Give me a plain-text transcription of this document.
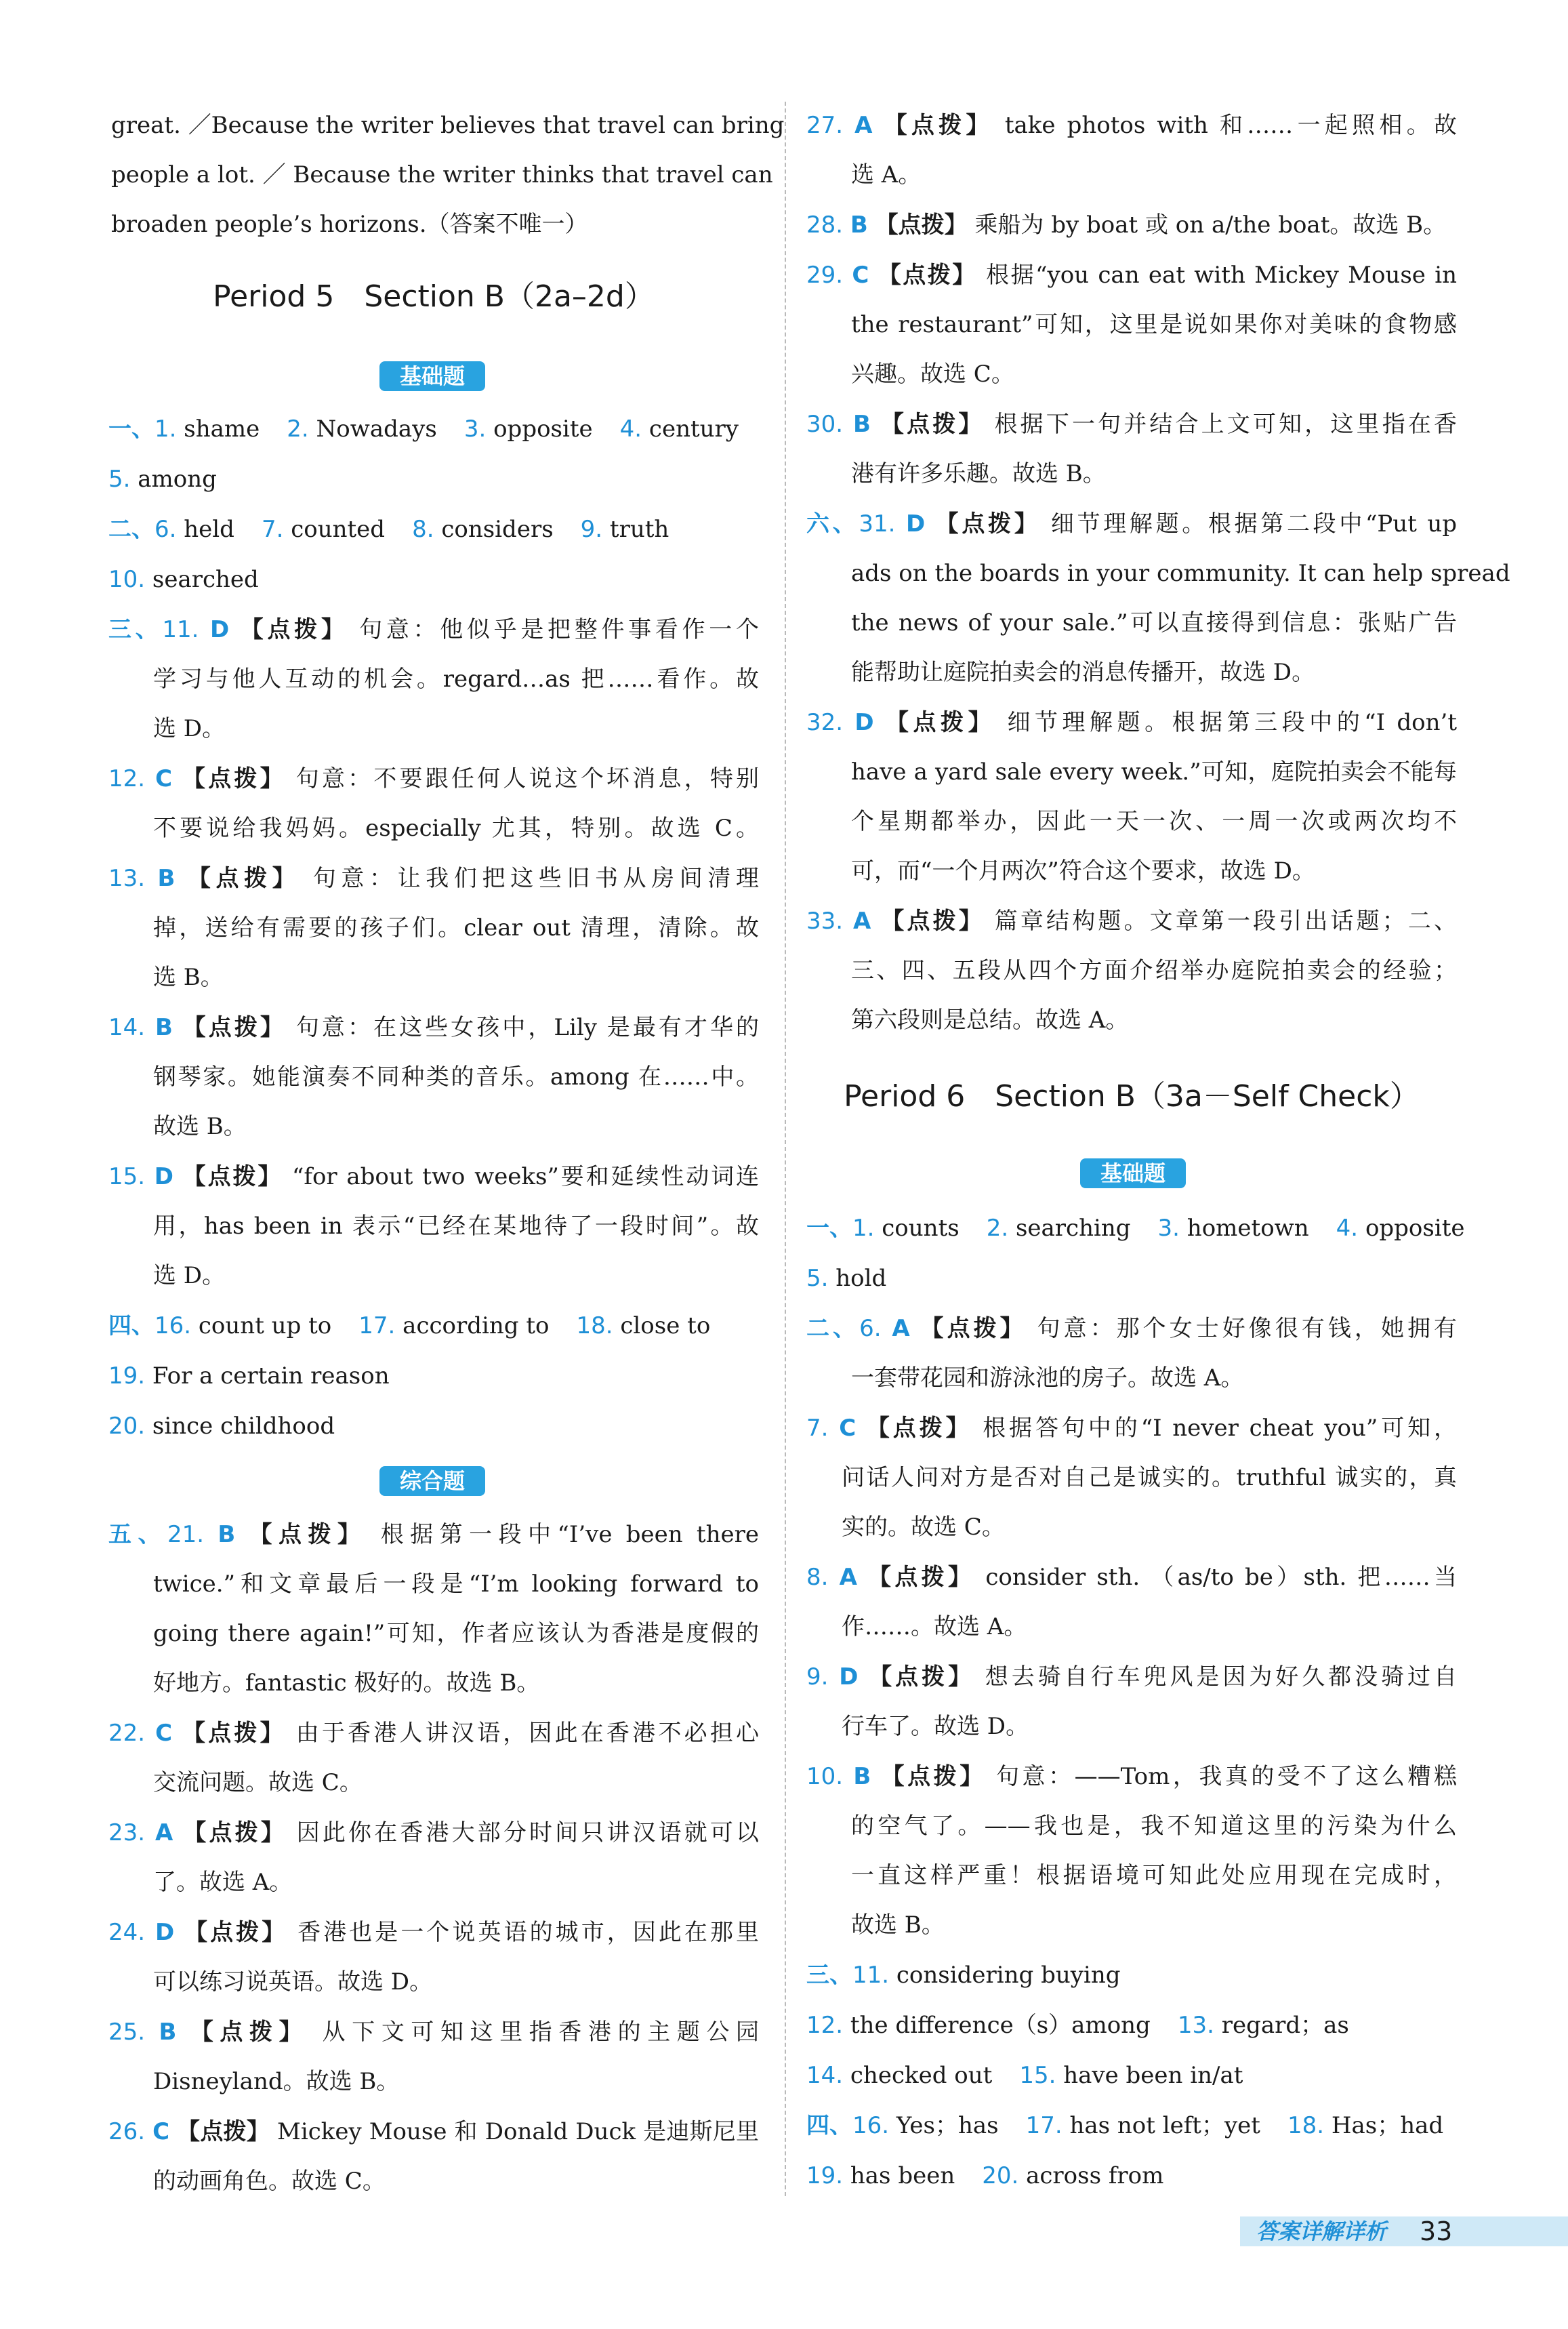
great. ／Because the writer believes that travel can bring
people a lot. ／ Because the writer thinks that travel can
broaden people’s horizons.（答案不唯一）
Period 5　Section B（2a–2d）
基础题
一、1. shame 2. Nowadays 3. opposite 4. century
5. among
二、6. held 7. counted 8. considers 9. truth
10. searched
三、11. D 【点拨】 句意：他似乎是把整件事看作一个
学习与他人互动的机会。regard…as 把……看作。故
选 D。
12. C 【点拨】 句意：不要跟任何人说这个坏消息，特别
不要说给我妈妈。especially 尤其，特别。故选 C。
13. B 【点拨】 句意：让我们把这些旧书从房间清理
掉，送给有需要的孩子们。clear out 清理，清除。故
选 B。
14. B 【点拨】 句意：在这些女孩中，Lily 是最有才华的
钢琴家。她能演奏不同种类的音乐。among 在……中。
故选 B。
15. D 【点拨】 “for about two weeks”要和延续性动词连
用，has been in 表示“已经在某地待了一段时间”。故
选 D。
四、16. count up to 17. according to 18. close to
19. For a certain reason
20. since childhood
综合题
五、21. B 【点拨】 根据第一段中“I’ve been there
twice.”和文章最后一段是“I’m looking forward to
going there again!”可知，作者应该认为香港是度假的
好地方。fantastic 极好的。故选 B。
22. C 【点拨】 由于香港人讲汉语，因此在香港不必担心
交流问题。故选 C。
23. A 【点拨】 因此你在香港大部分时间只讲汉语就可以
了。故选 A。
24. D 【点拨】 香港也是一个说英语的城市，因此在那里
可以练习说英语。故选 D。
25. B 【点拨】 从下文可知这里指香港的主题公园
Disneyland。故选 B。
26. C 【点拨】 Mickey Mouse 和 Donald Duck 是迪斯尼里
的动画角色。故选 C。
27. A 【点拨】 take photos with 和……一起照相。故
选 A。
28. B 【点拨】 乘船为 by boat 或 on a/the boat。故选 B。
29. C 【点拨】 根据“you can eat with Mickey Mouse in
the restaurant”可知，这里是说如果你对美味的食物感
兴趣。故选 C。
30. B 【点拨】 根据下一句并结合上文可知，这里指在香
港有许多乐趣。故选 B。
六、31. D 【点拨】 细节理解题。根据第二段中“Put up
ads on the boards in your community. It can help spread
the news of your sale.”可以直接得到信息：张贴广告
能帮助让庭院拍卖会的消息传播开，故选 D。
32. D 【点拨】 细节理解题。根据第三段中的“I don’t
have a yard sale every week.”可知，庭院拍卖会不能每
个星期都举办，因此一天一次、一周一次或两次均不
可，而“一个月两次”符合这个要求，故选 D。
33. A 【点拨】 篇章结构题。文章第一段引出话题；二、
三、四、五段从四个方面介绍举办庭院拍卖会的经验；
第六段则是总结。故选 A。
Period 6　Section B（3a－Self Check）
基础题
一、1. counts 2. searching 3. hometown 4. opposite
5. hold
二、6. A 【点拨】 句意：那个女士好像很有钱，她拥有
一套带花园和游泳池的房子。故选 A。
7. C 【点拨】 根据答句中的“I never cheat you”可知，
问话人问对方是否对自己是诚实的。truthful 诚实的，真
实的。故选 C。
8. A 【点拨】 consider sth. （as/to be）sth. 把……当
作……。故选 A。
9. D 【点拨】 想去骑自行车兜风是因为好久都没骑过自
行车了。故选 D。
10. B 【点拨】 句意：——Tom，我真的受不了这么糟糕
的空气了。——我也是，我不知道这里的污染为什么
一直这样严重！根据语境可知此处应用现在完成时，
故选 B。
三、11. considering buying
12. the difference（s）among 13. regard；as
14. checked out 15. have been in/at
四、16. Yes；has 17. has not left；yet 18. Has；had
19. has been 20. across from
答案详解详析	33
